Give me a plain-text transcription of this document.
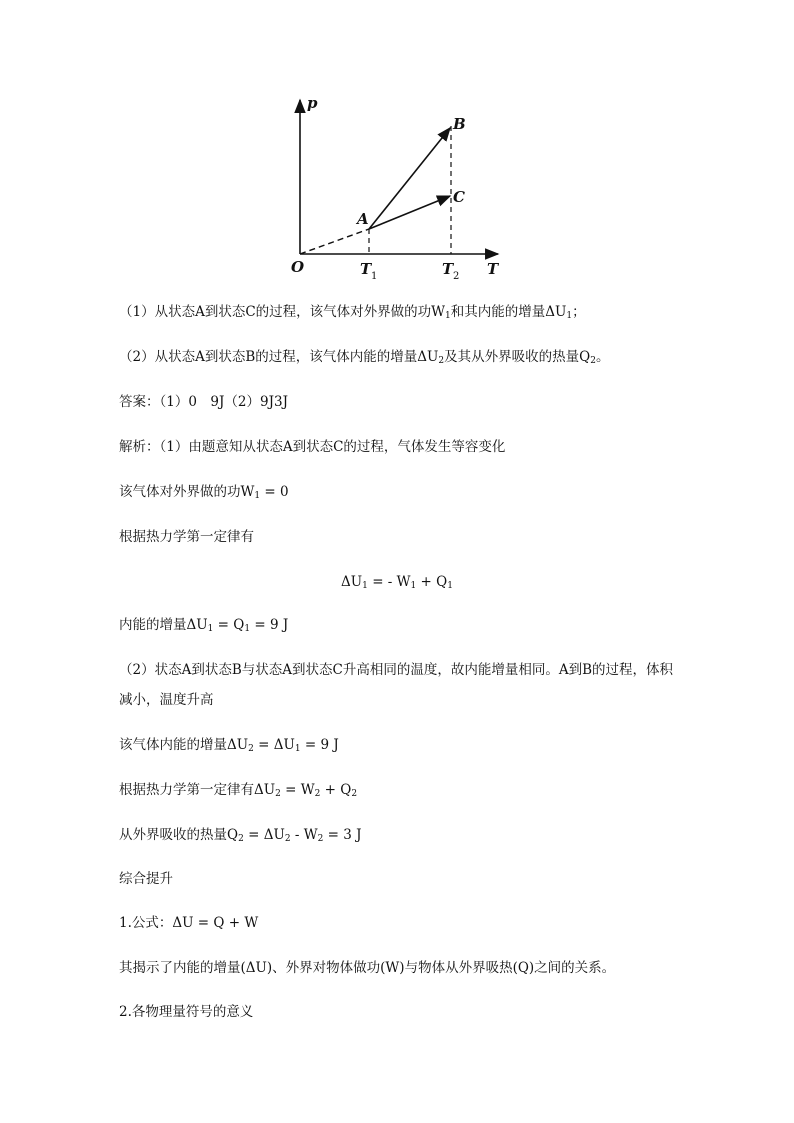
p
T
O
A
B
C
T 1	T 2
（1）从状态A到状态C的过程，该气体对外界做的功$W_1$和其内能的增量$\Delta U_1$；
（2）从状态A到状态B的过程，该气体内能的增量$\Delta U_2$及其从外界吸收的热量$Q_2$。
答案：（1）0　9J（2）9J3J
解析：（1）由题意知从状态A到状态C的过程，气体发生等容变化
该气体对外界做的功$W_1 = 0$
根据热力学第一定律有
$\Delta U_1$ = - $W_1 + Q_1$
内能的增量$\Delta U_1 = Q_1 = 9$ J
（2）状态A到状态B与状态A到状态C升高相同的温度，故内能增量相同。A到B的过程，体积
减小，温度升高
该气体内能的增量$\Delta U_2 = \Delta U_1 = 9$ J
根据热力学第一定律有$\Delta U_2 = W_2 + Q_2$
从外界吸收的热量$Q_2 = \Delta U_2 - W_2 = 3$ J
综合提升
1.公式：ΔU = Q + W
其揭示了内能的增量(ΔU)、外界对物体做功(W)与物体从外界吸热(Q)之间的关系。
2.各物理量符号的意义
